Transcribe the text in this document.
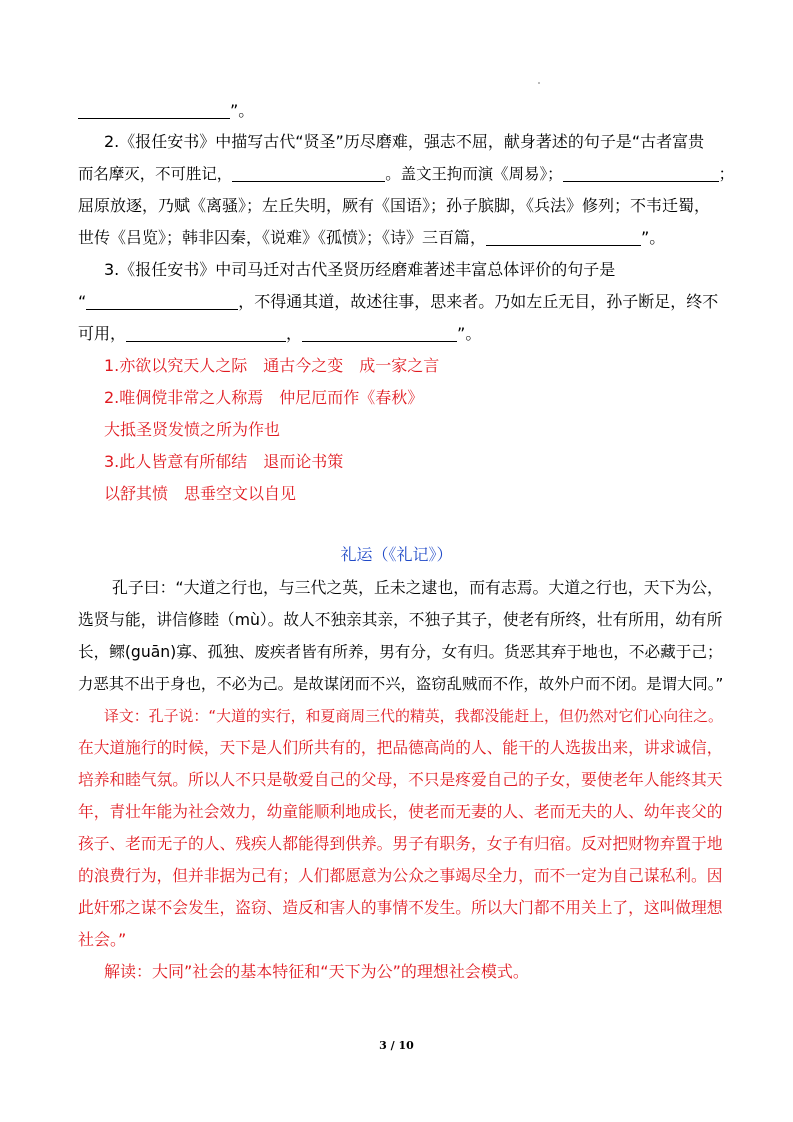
”。
2.《报任安书》中描写古代“贤圣”历尽磨难，强志不屈，献身著述的句子是“古者富贵
而名摩灭，不可胜记，	。盖文王拘而演《周易》；	；
屈原放逐，乃赋《离骚》；左丘失明，厥有《国语》；孙子膑脚，《兵法》修列；不韦迁蜀，
世传《吕览》；韩非囚秦，《说难》《孤愤》；《诗》三百篇，	”。
3.《报任安书》中司马迁对古代圣贤历经磨难著述丰富总体评价的句子是
“	，不得通其道，故述往事，思来者。乃如左丘无目，孙子断足，终不
可用，	，	”。
1.亦欲以究天人之际　通古今之变　成一家之言
2.唯倜傥非常之人称焉　仲尼厄而作《春秋》
大抵圣贤发愤之所为作也
3.此人皆意有所郁结　退而论书策
以舒其愤　思垂空文以自见
礼运（《礼记》）
孔子曰：“大道之行也，与三代之英，丘未之逮也，而有志焉。大道之行也，天下为公，
选贤与能，讲信修睦（mù）。故人不独亲其亲，不独子其子，使老有所终，壮有所用，幼有所
长，鳏(guān)寡、孤独、废疾者皆有所养，男有分，女有归。货恶其弃于地也，不必藏于己；
力恶其不出于身也，不必为己。是故谋闭而不兴，盗窃乱贼而不作，故外户而不闭。是谓大同。”
译文：孔子说：“大道的实行，和夏商周三代的精英，我都没能赶上，但仍然对它们心向往之。
在大道施行的时候，天下是人们所共有的，把品德高尚的人、能干的人选拔出来，讲求诚信，
培养和睦气氛。所以人不只是敬爱自己的父母，不只是疼爱自己的子女，要使老年人能终其天
年，青壮年能为社会效力，幼童能顺利地成长，使老而无妻的人、老而无夫的人、幼年丧父的
孩子、老而无子的人、残疾人都能得到供养。男子有职务，女子有归宿。反对把财物弃置于地
的浪费行为，但并非据为己有；人们都愿意为公众之事竭尽全力，而不一定为自己谋私利。因
此奸邪之谋不会发生，盗窃、造反和害人的事情不发生。所以大门都不用关上了，这叫做理想
社会。”
解读：大同”社会的基本特征和“天下为公”的理想社会模式。
3 / 10
